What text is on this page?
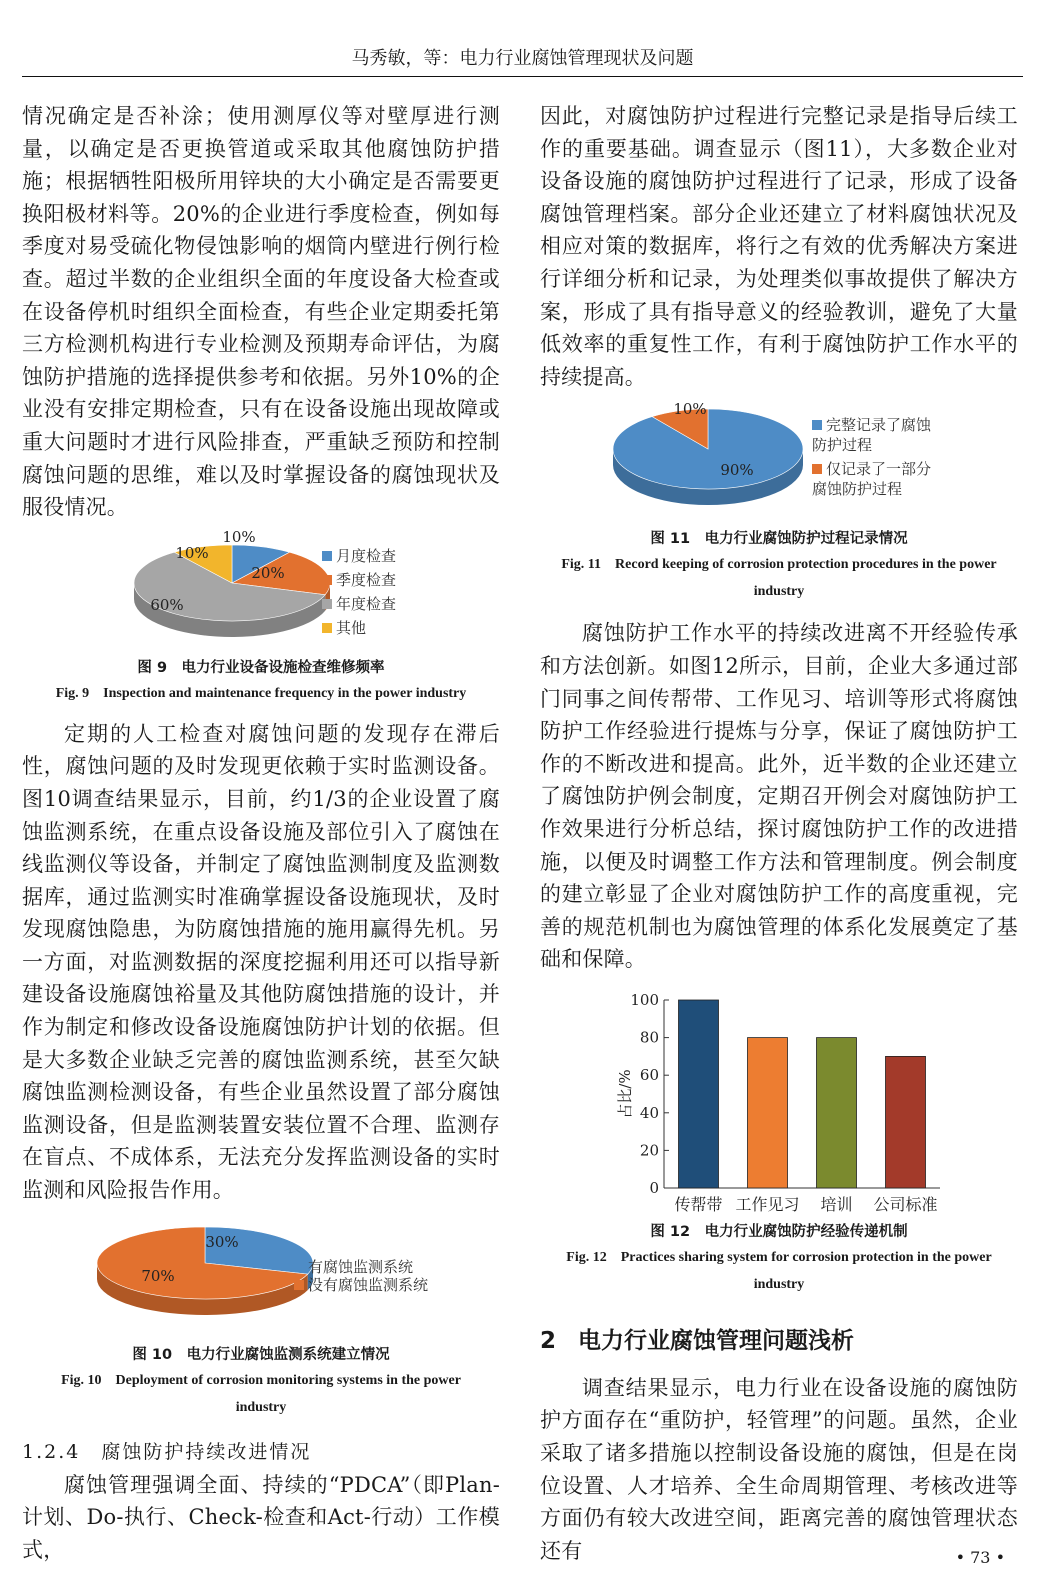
马秀敏，等：电力行业腐蚀管理现状及问题

情况确定是否补涂；使用测厚仪等对壁厚进行测量，以确定是否更换管道或采取其他腐蚀防护措施；根据牺牲阳极所用锌块的大小确定是否需要更换阳极材料等。20%的企业进行季度检查，例如每季度对易受硫化物侵蚀影响的烟筒内壁进行例行检查。超过半数的企业组织全面的年度设备大检查或在设备停机时组织全面检查，有些企业定期委托第三方检测机构进行专业检测及预期寿命评估，为腐蚀防护措施的选择提供参考和依据。另外10%的企业没有安排定期检查，只有在设备设施出现故障或重大问题时才进行风险排查，严重缺乏预防和控制腐蚀问题的思维，难以及时掌握设备的腐蚀现状及服役情况。

10%
20%
60%
10%	月度检查
季度检查
年度检查
其他
图 9　电力行业设备设施检查维修频率
Fig. 9　Inspection and maintenance frequency in the power industry

定期的人工检查对腐蚀问题的发现存在滞后性，腐蚀问题的及时发现更依赖于实时监测设备。图10调查结果显示，目前，约1/3的企业设置了腐蚀监测系统，在重点设备设施及部位引入了腐蚀在线监测仪等设备，并制定了腐蚀监测制度及监测数据库，通过监测实时准确掌握设备设施现状，及时发现腐蚀隐患，为防腐蚀措施的施用赢得先机。另一方面，对监测数据的深度挖掘利用还可以指导新建设备设施腐蚀裕量及其他防腐蚀措施的设计，并作为制定和修改设备设施腐蚀防护计划的依据。但是大多数企业缺乏完善的腐蚀监测系统，甚至欠缺腐蚀监测检测设备，有些企业虽然设置了部分腐蚀监测设备，但是监测装置安装位置不合理、监测存在盲点、不成体系，无法充分发挥监测设备的实时监测和风险报告作用。

30%
70%	有腐蚀监测系统
没有腐蚀监测系统
图 10　电力行业腐蚀监测系统建立情况
Fig. 10　Deployment of corrosion monitoring systems in the power industry
1.2.4　腐蚀防护持续改进情况

腐蚀管理强调全面、持续的“PDCA”（即Plan-计划、Do-执行、Check-检查和Act-行动）工作模式，

因此，对腐蚀防护过程进行完整记录是指导后续工作的重要基础。调查显示（图11），大多数企业对设备设施的腐蚀防护过程进行了记录，形成了设备腐蚀管理档案。部分企业还建立了材料腐蚀状况及相应对策的数据库，将行之有效的优秀解决方案进行详细分析和记录，为处理类似事故提供了解决方案，形成了具有指导意义的经验教训，避免了大量低效率的重复性工作，有利于腐蚀防护工作水平的持续提高。

90%
10%
完整记录了腐蚀防护过程
仅记录了一部分腐蚀防护过程
图 11　电力行业腐蚀防护过程记录情况
Fig. 11　Record keeping of corrosion protection procedures in the power industry

腐蚀防护工作水平的持续改进离不开经验传承和方法创新。如图12所示，目前，企业大多通过部门同事之间传帮带、工作见习、培训等形式将腐蚀防护工作经验进行提炼与分享，保证了腐蚀防护工作的不断改进和提高。此外，近半数的企业还建立了腐蚀防护例会制度，定期召开例会对腐蚀防护工作效果进行分析总结，探讨腐蚀防护工作的改进措施，以便及时调整工作方法和管理制度。例会制度的建立彰显了企业对腐蚀防护工作的高度重视，完善的规范机制也为腐蚀管理的体系化发展奠定了基础和保障。

0
20
40
60
80
100
占比/%
传帮带 工作见习 培训 公司标准
图 12　电力行业腐蚀防护经验传递机制
Fig. 12　Practices sharing system for corrosion protection in the power industry
2 电力行业腐蚀管理问题浅析

调查结果显示，电力行业在设备设施的腐蚀防护方面存在“重防护，轻管理”的问题。虽然，企业采取了诸多措施以控制设备设施的腐蚀，但是在岗位设置、人才培养、全生命周期管理、考核改进等方面仍有较大改进空间，距离完善的腐蚀管理状态还有	• 73 •
